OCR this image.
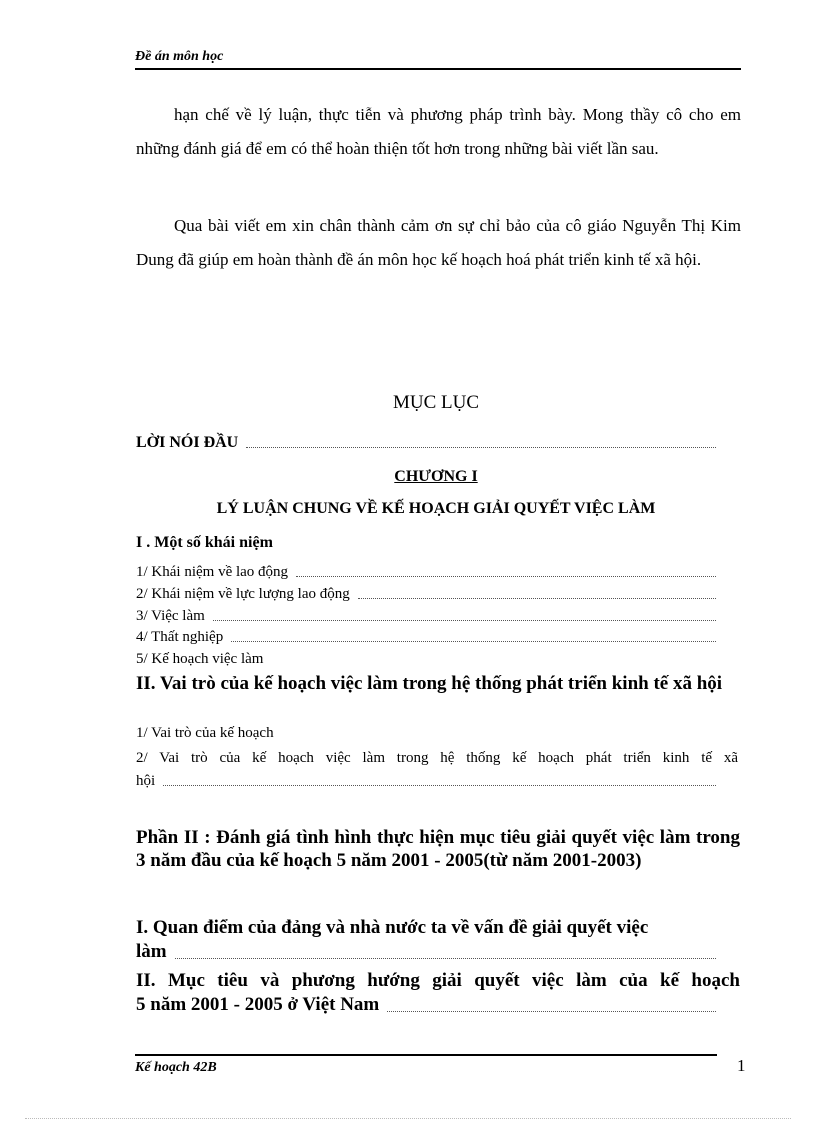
Đề án môn học

hạn chế về lý luận, thực tiễn và phương pháp trình bày. Mong thầy cô cho em những đánh giá để em có thể hoàn thiện tốt hơn trong những bài viết lần sau.

Qua bài viết em xin chân thành cảm ơn sự chỉ bảo của cô giáo Nguyễn Thị Kim Dung đã giúp em hoàn thành đề án môn học kế hoạch hoá phát triển kinh tế xã hội.

MỤC LỤC
LỜI NÓI ĐẦU
CHƯƠNG I
LÝ LUẬN CHUNG VỀ KẾ HOẠCH GIẢI QUYẾT VIỆC LÀM
I . Một số khái niệm
1/ Khái niệm về lao động
2/ Khái niệm về lực lượng lao động
3/ Việc làm
4/ Thất nghiệp
5/ Kế hoạch việc làm
II. Vai trò của kế hoạch việc làm trong hệ thống phát triển kinh tế xã hội
1/ Vai trò của kế hoạch
2/ Vai trò của kế hoạch việc làm trong hệ thống kế hoạch phát triển kinh tế xã
hội
Phần II : Đánh giá tình hình thực hiện mục tiêu giải quyết việc làm trong 3 năm đầu của kế hoạch 5 năm 2001 - 2005(từ năm 2001-2003)
I. Quan điểm của đảng và nhà nước ta về vấn đề giải quyết việc
làm
II. Mục tiêu và phương hướng giải quyết việc làm của kế hoạch
5 năm 2001 - 2005 ở Việt Nam
Kế hoạch 42B	1
